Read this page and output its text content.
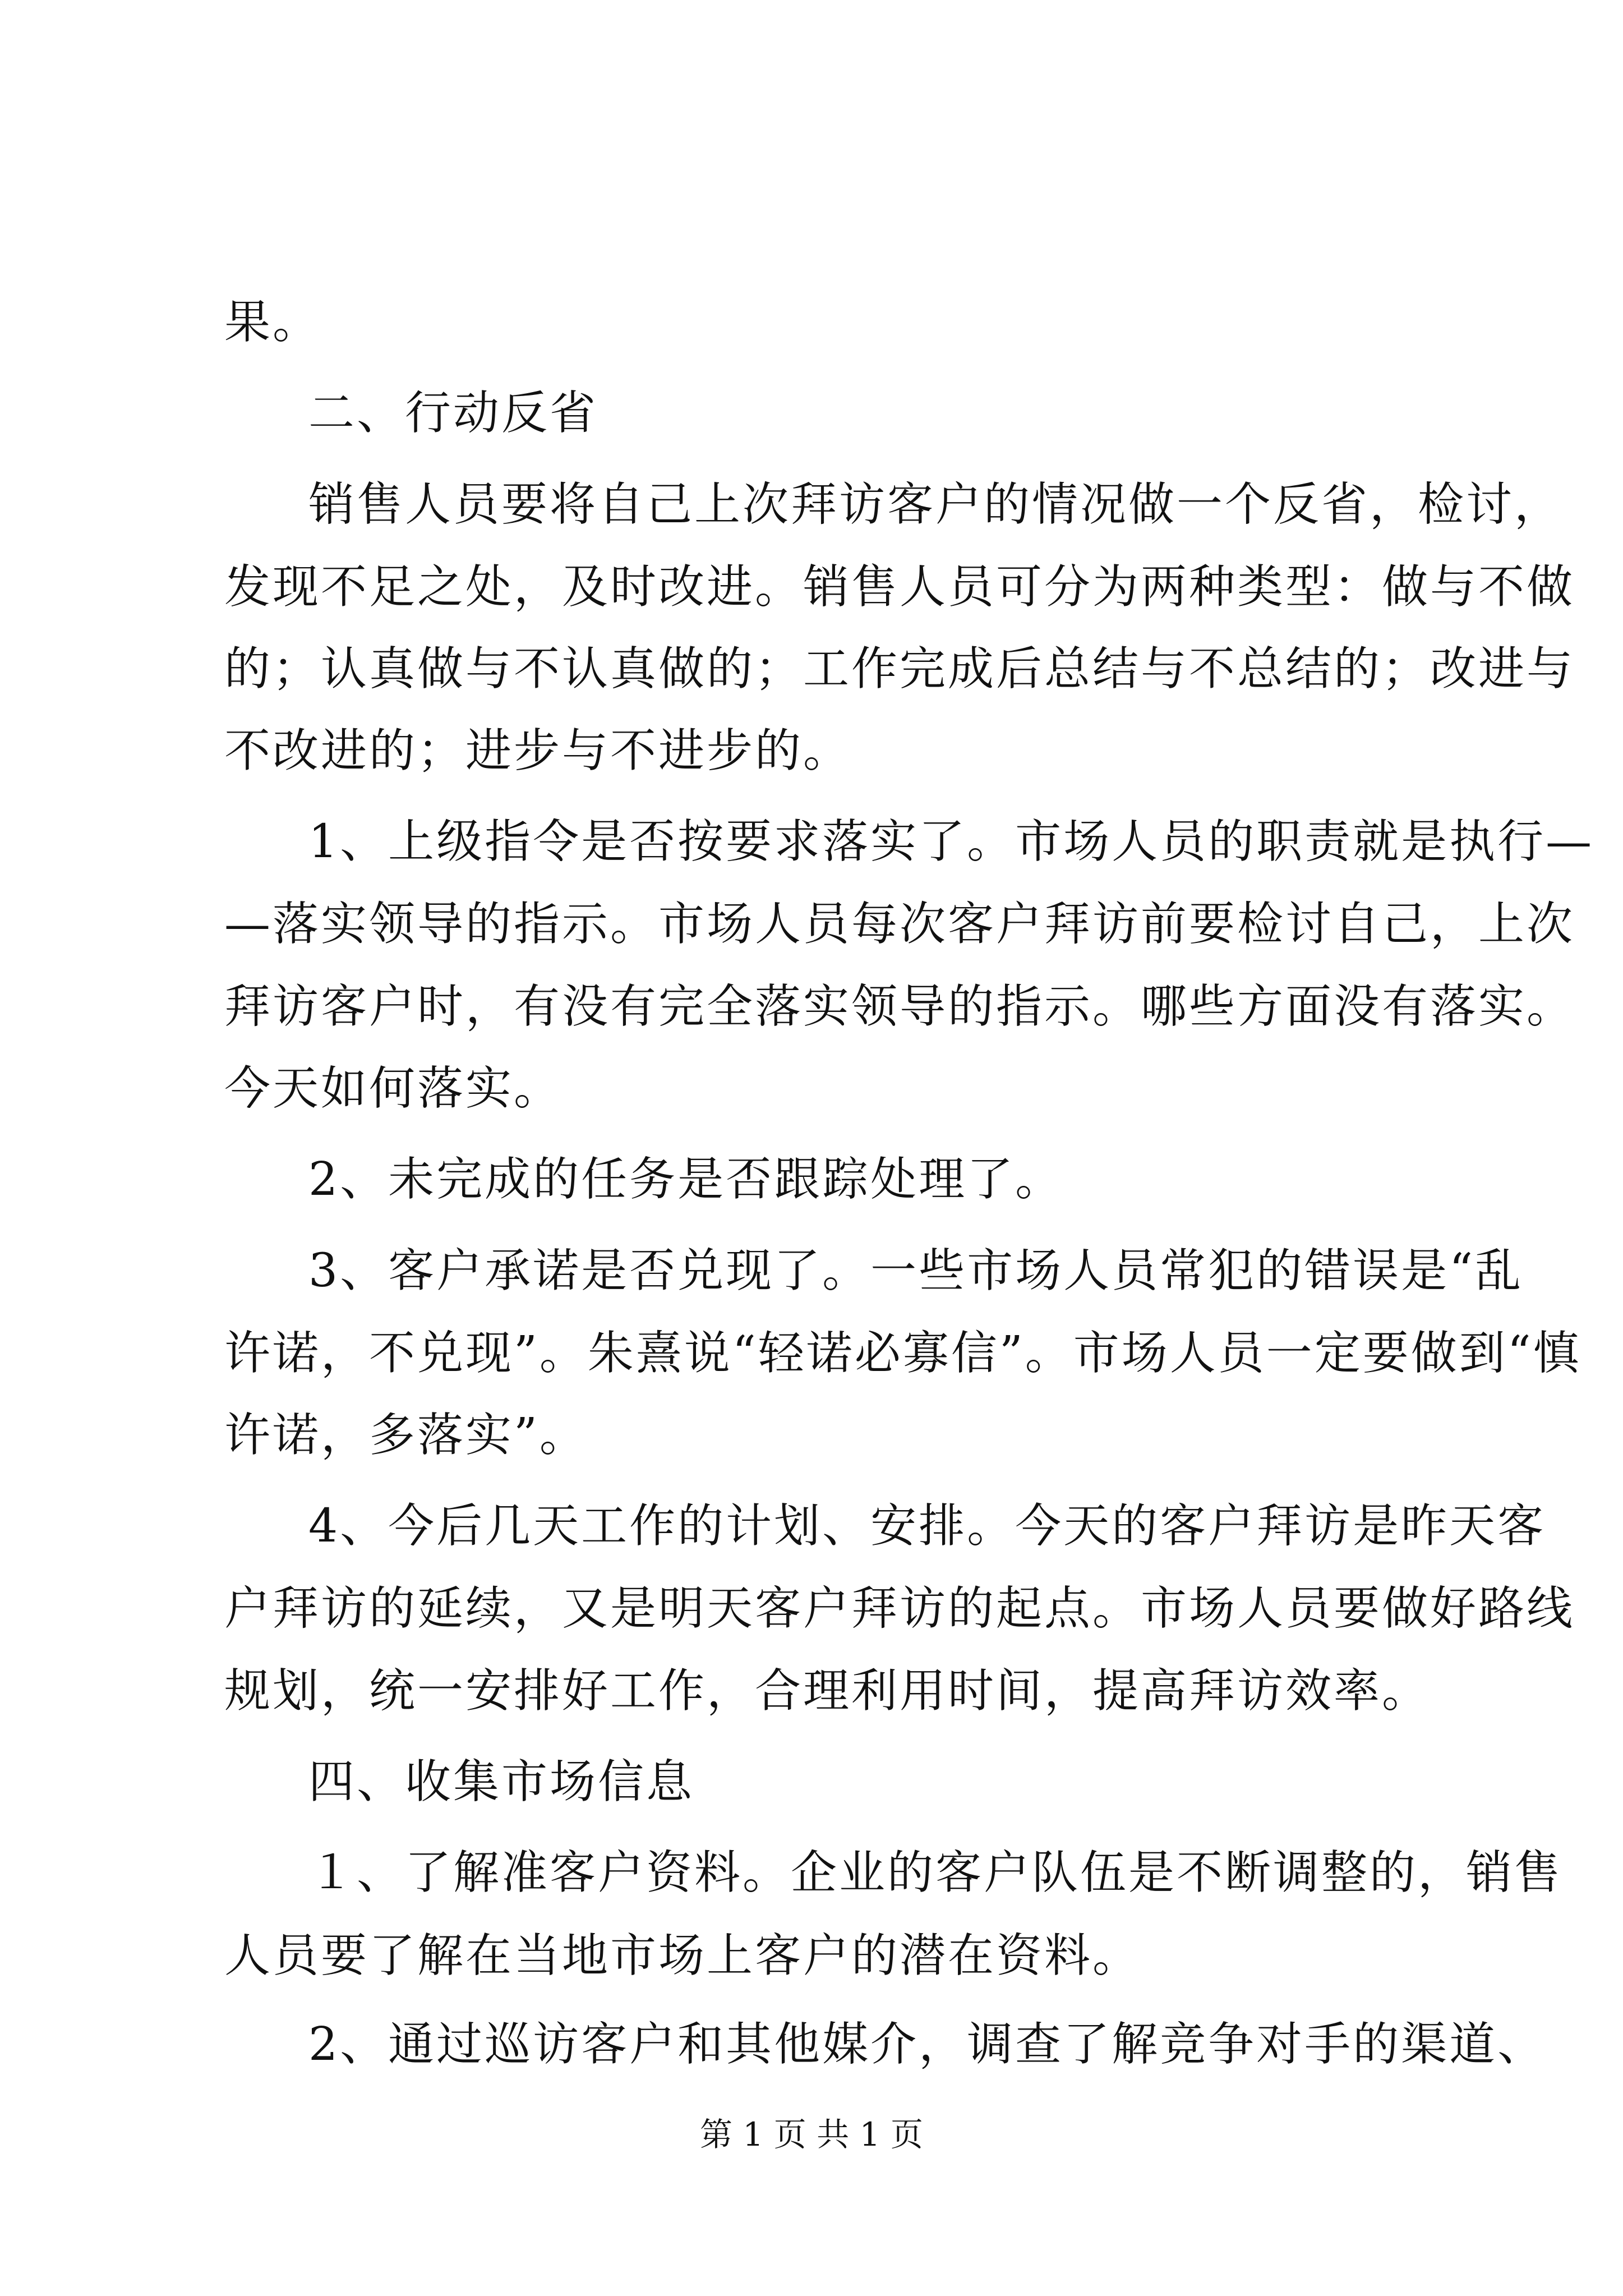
果。
二、行动反省
销售人员要将自己上次拜访客户的情况做一个反省，检讨，
发现不足之处，及时改进。销售人员可分为两种类型：做与不做
的；认真做与不认真做的；工作完成后总结与不总结的；改进与
不改进的；进步与不进步的。
1、上级指令是否按要求落实了。市场人员的职责就是执行—
—落实领导的指示。市场人员每次客户拜访前要检讨自己，上次
拜访客户时，有没有完全落实领导的指示。哪些方面没有落实。
今天如何落实。
2、未完成的任务是否跟踪处理了。
3、客户承诺是否兑现了。一些市场人员常犯的错误是“乱
许诺，不兑现”。朱熹说“轻诺必寡信”。市场人员一定要做到“慎
许诺，多落实”。
4、今后几天工作的计划、安排。今天的客户拜访是昨天客
户拜访的延续，又是明天客户拜访的起点。市场人员要做好路线
规划，统一安排好工作，合理利用时间，提高拜访效率。
四、收集市场信息
１、了解准客户资料。企业的客户队伍是不断调整的，销售
人员要了解在当地市场上客户的潜在资料。
2、通过巡访客户和其他媒介，调查了解竞争对手的渠道、
第 1 页 共 1 页
